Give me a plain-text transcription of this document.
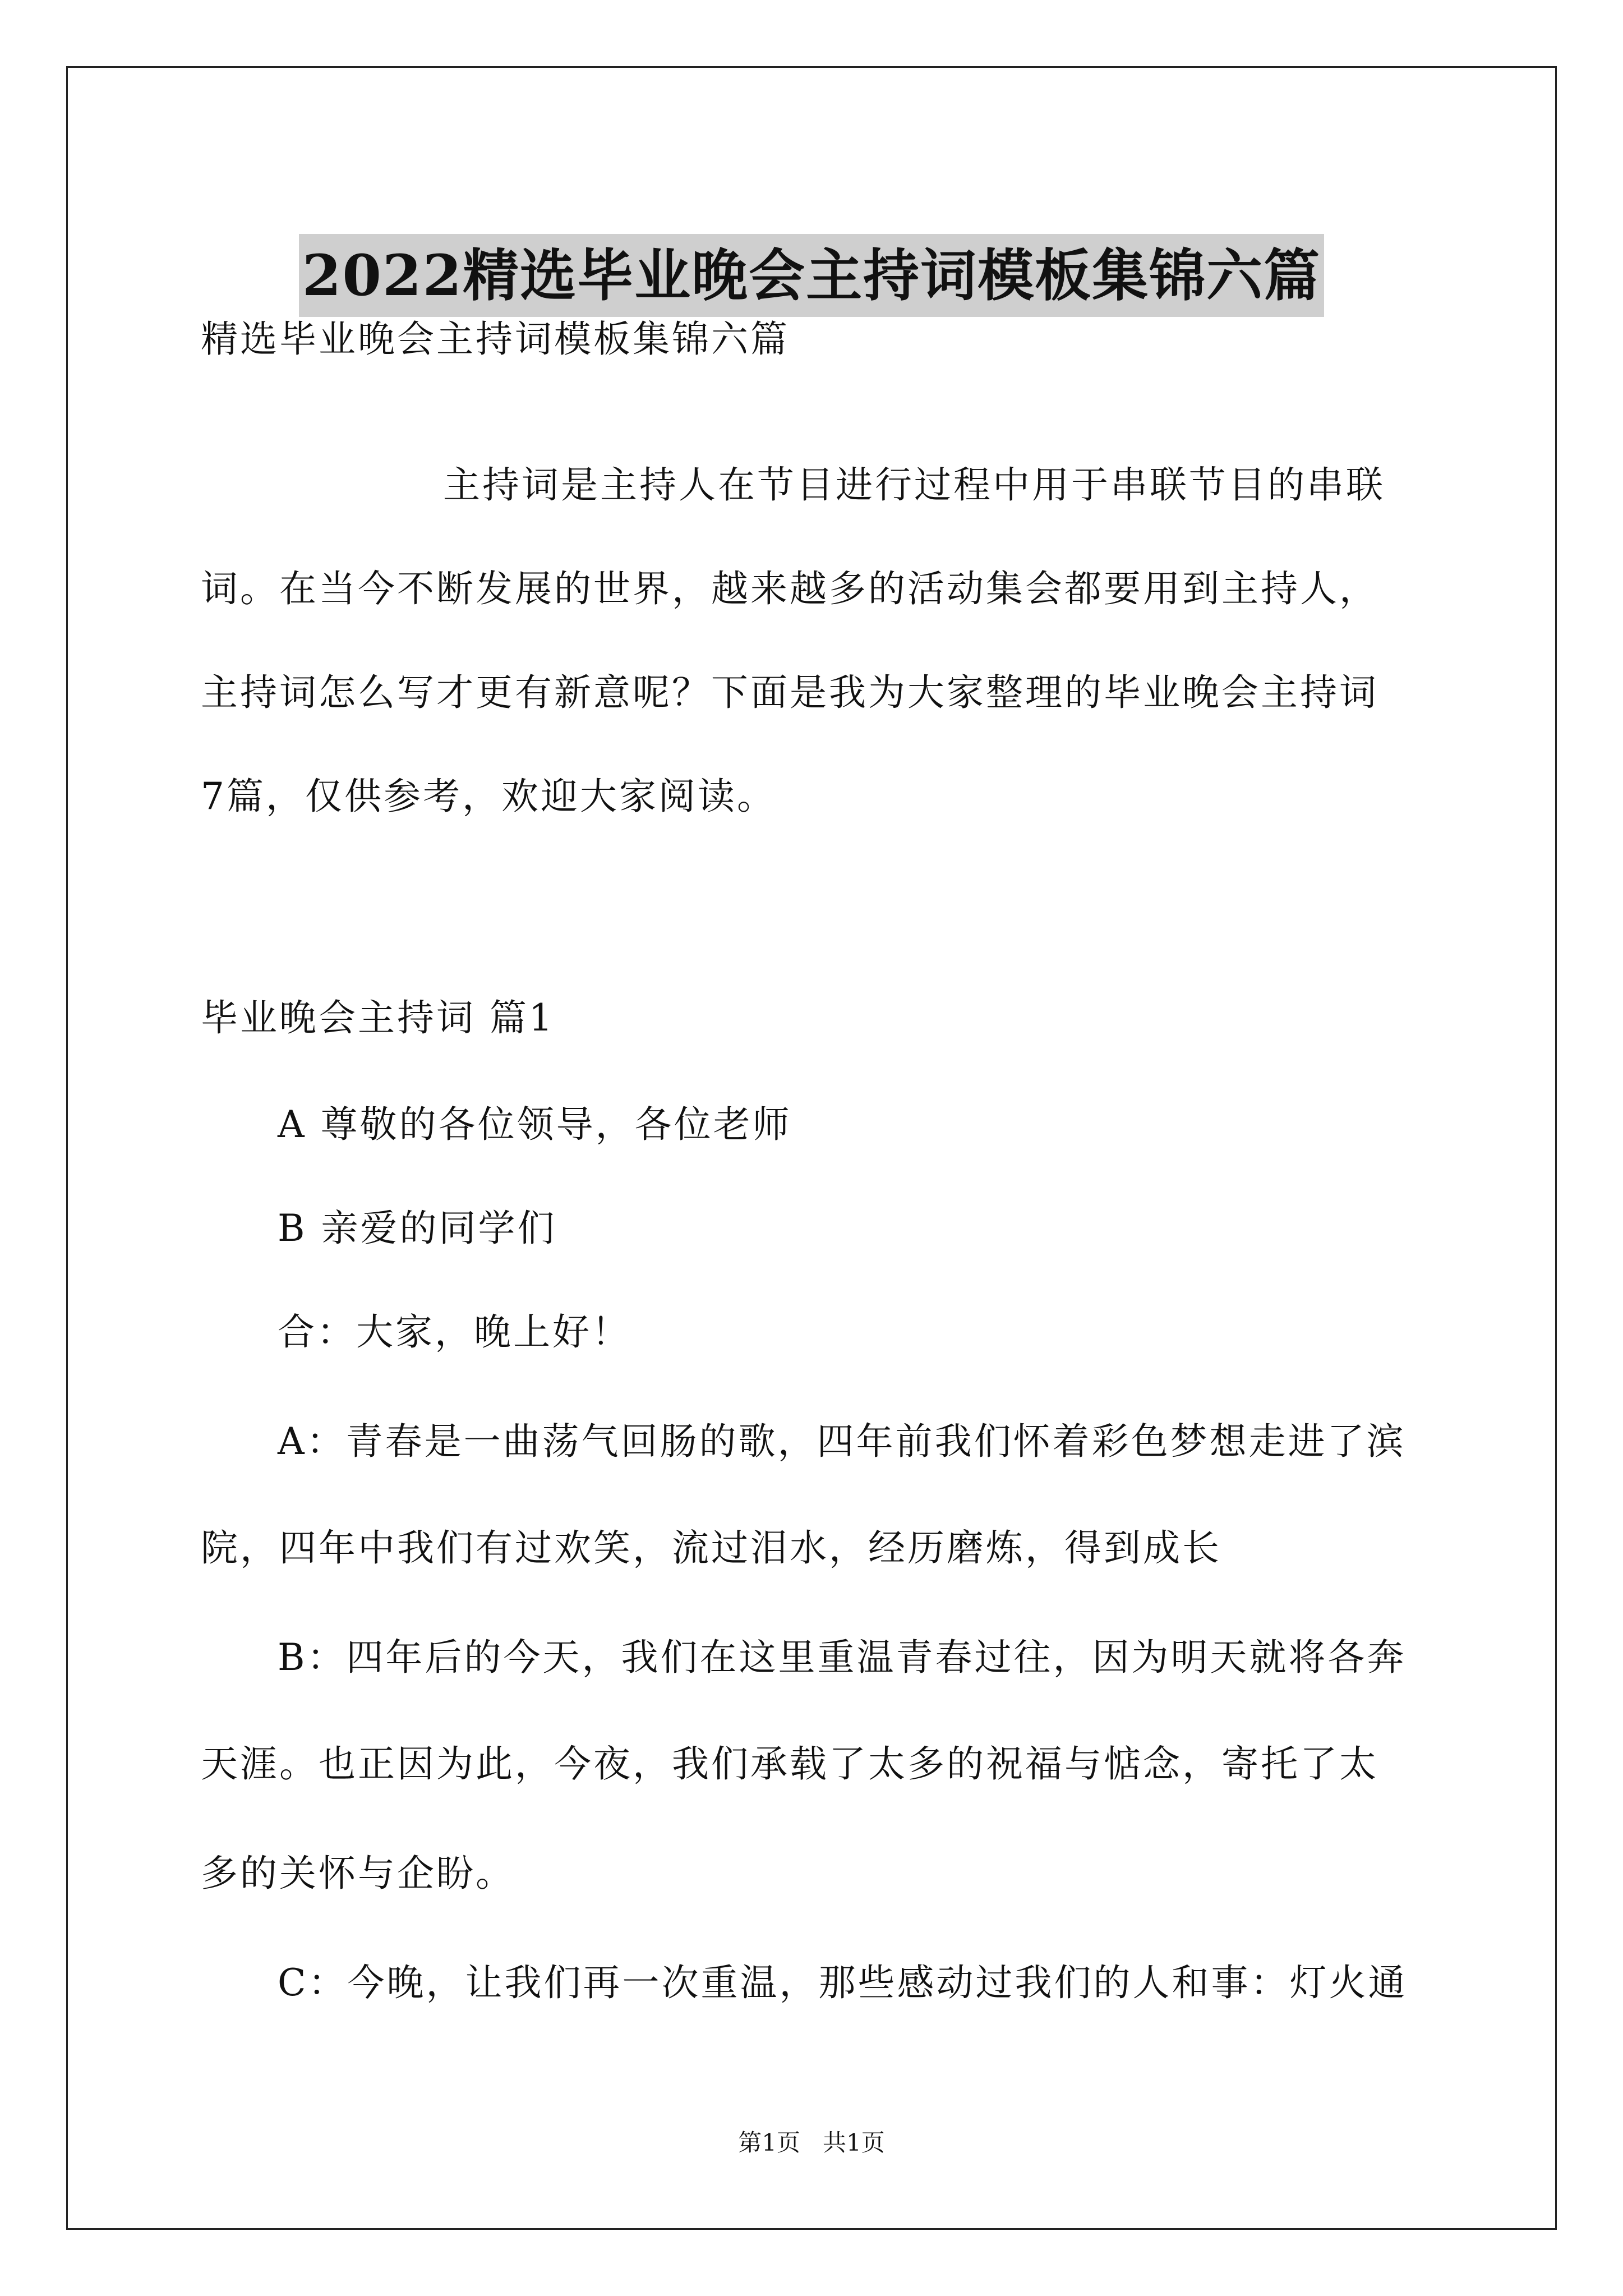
2022精选毕业晚会主持词模板集锦六篇

精选毕业晚会主持词模板集锦六篇

主持词是主持人在节目进行过程中用于串联节目的串联

词。在当今不断发展的世界，越来越多的活动集会都要用到主持人，

主持词怎么写才更有新意呢？下面是我为大家整理的毕业晚会主持词

7篇，仅供参考，欢迎大家阅读。

毕业晚会主持词 篇1

A 尊敬的各位领导，各位老师

B 亲爱的同学们

合：大家，晚上好！

A：青春是一曲荡气回肠的歌，四年前我们怀着彩色梦想走进了滨

院，四年中我们有过欢笑，流过泪水，经历磨炼，得到成长

B：四年后的今天，我们在这里重温青春过往，因为明天就将各奔

天涯。也正因为此，今夜，我们承载了太多的祝福与惦念，寄托了太

多的关怀与企盼。

C：今晚，让我们再一次重温，那些感动过我们的人和事：灯火通

第1页   共1页
